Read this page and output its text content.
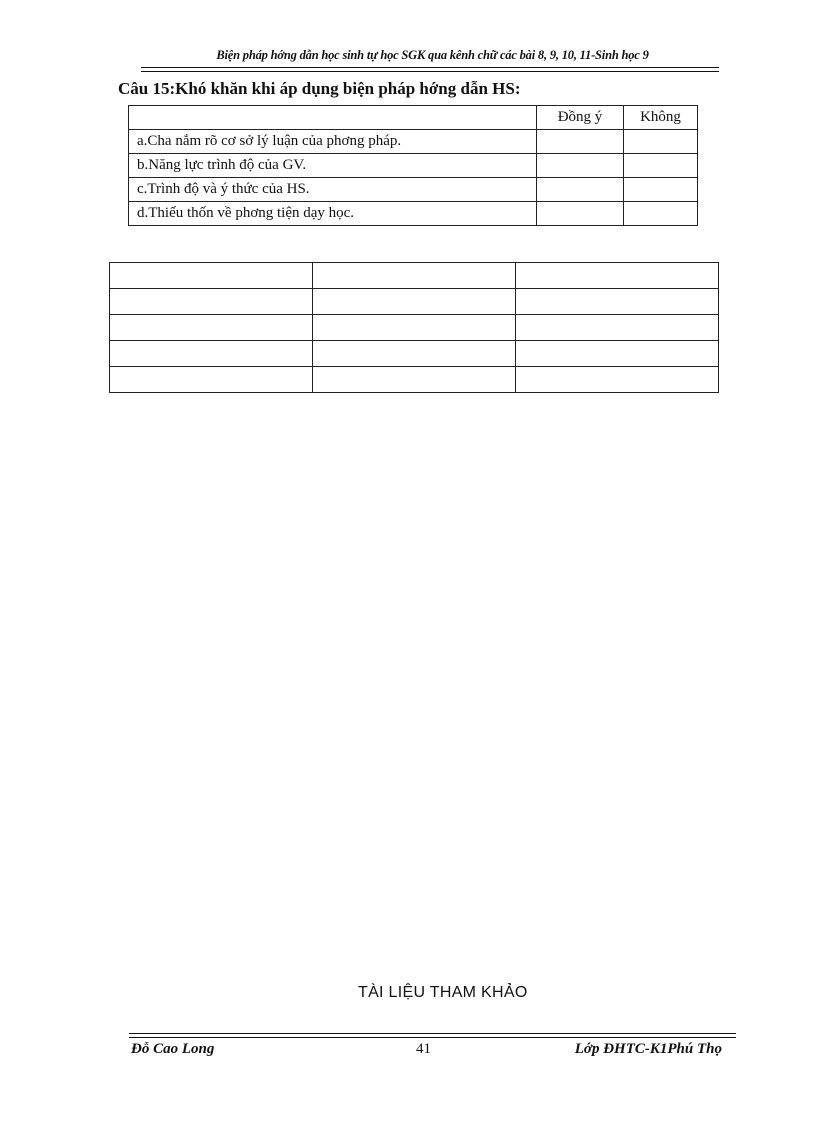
Biện pháp hớng dẫn học sinh tự học SGK qua kênh chữ các bài 8, 9, 10, 11-Sinh học 9
Câu 15:Khó khăn khi áp dụng biện pháp hớng dẫn HS:
	Đồng ý	Không
a.Cha nắm rõ cơ sở lý luận của phơng pháp.		
b.Năng lực trình độ của GV.		
c.Trình độ và ý thức của HS.		
d.Thiếu thốn về phơng tiện dạy học.		

TÀI LIỆU THAM KHẢO
Đỗ Cao Long	41	Lớp ĐHTC-K1Phú Thọ
